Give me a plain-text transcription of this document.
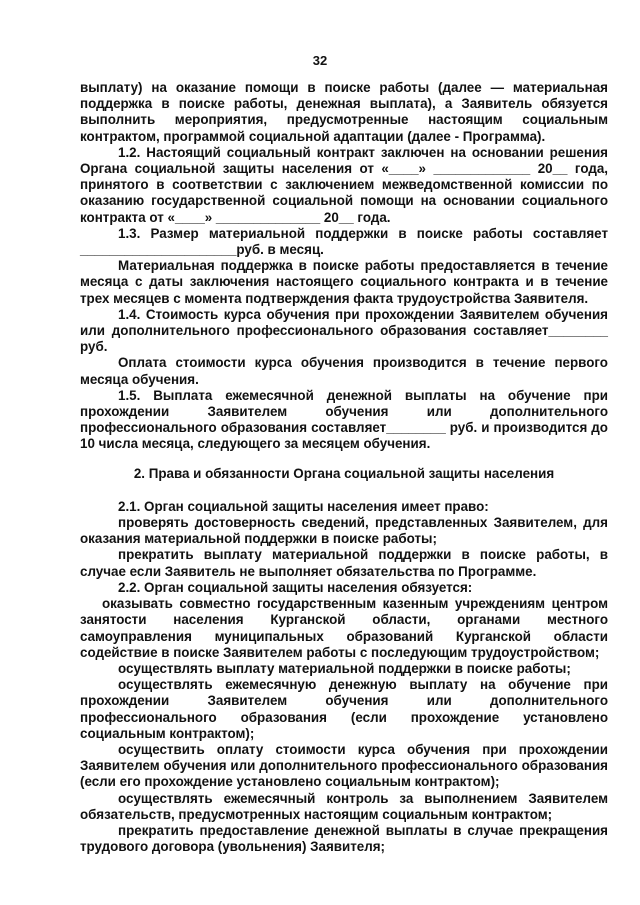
32

выплату) на оказание помощи в поиске работы (далее — материальная поддержка в поиске работы, денежная выплата), а Заявитель обязуется выполнить мероприятия, предусмотренные настоящим социальным контрактом, программой социальной адаптации (далее - Программа).

1.2. Настоящий социальный контракт заключен на основании решения Органа социальной защиты населения от «____» _____________ 20__ года, принятого в соответствии с заключением межведомственной комиссии по оказанию государственной социальной помощи на основании социального контракта от «____» ______________ 20__ года.

1.3. Размер материальной поддержки в поиске работы составляет _____________________руб. в месяц.

Материальная поддержка в поиске работы предоставляется в течение месяца с даты заключения настоящего социального контракта и в течение трех месяцев с момента подтверждения факта трудоустройства Заявителя.

1.4. Стоимость курса обучения при прохождении Заявителем обучения или дополнительного профессионального образования составляет________ руб.

Оплата стоимости курса обучения производится в течение первого месяца обучения.

1.5. Выплата ежемесячной денежной выплаты на обучение при прохождении Заявителем обучения или дополнительного профессионального образования составляет________ руб. и производится до 10 числа месяца, следующего за месяцем обучения.

2. Права и обязанности Органа социальной защиты населения

2.1. Орган социальной защиты населения имеет право:

проверять достоверность сведений, представленных Заявителем, для оказания материальной поддержки в поиске работы;

прекратить выплату материальной поддержки в поиске работы, в случае если Заявитель не выполняет обязательства по Программе.

2.2. Орган социальной защиты населения обязуется:

оказывать совместно государственным казенным учреждениям центром занятости населения Курганской области, органами местного самоуправления муниципальных образований Курганской области содействие в поиске Заявителем работы с последующим трудоустройством;

осуществлять выплату материальной поддержки в поиске работы;

осуществлять ежемесячную денежную выплату на обучение при прохождении Заявителем обучения или дополнительного профессионального образования (если прохождение установлено социальным контрактом);

осуществить оплату стоимости курса обучения при прохождении Заявителем обучения или дополнительного профессионального образования (если его прохождение установлено социальным контрактом);

осуществлять ежемесячный контроль за выполнением Заявителем обязательств, предусмотренных настоящим социальным контрактом;

прекратить предоставление денежной выплаты в случае прекращения трудового договора (увольнения) Заявителя;
